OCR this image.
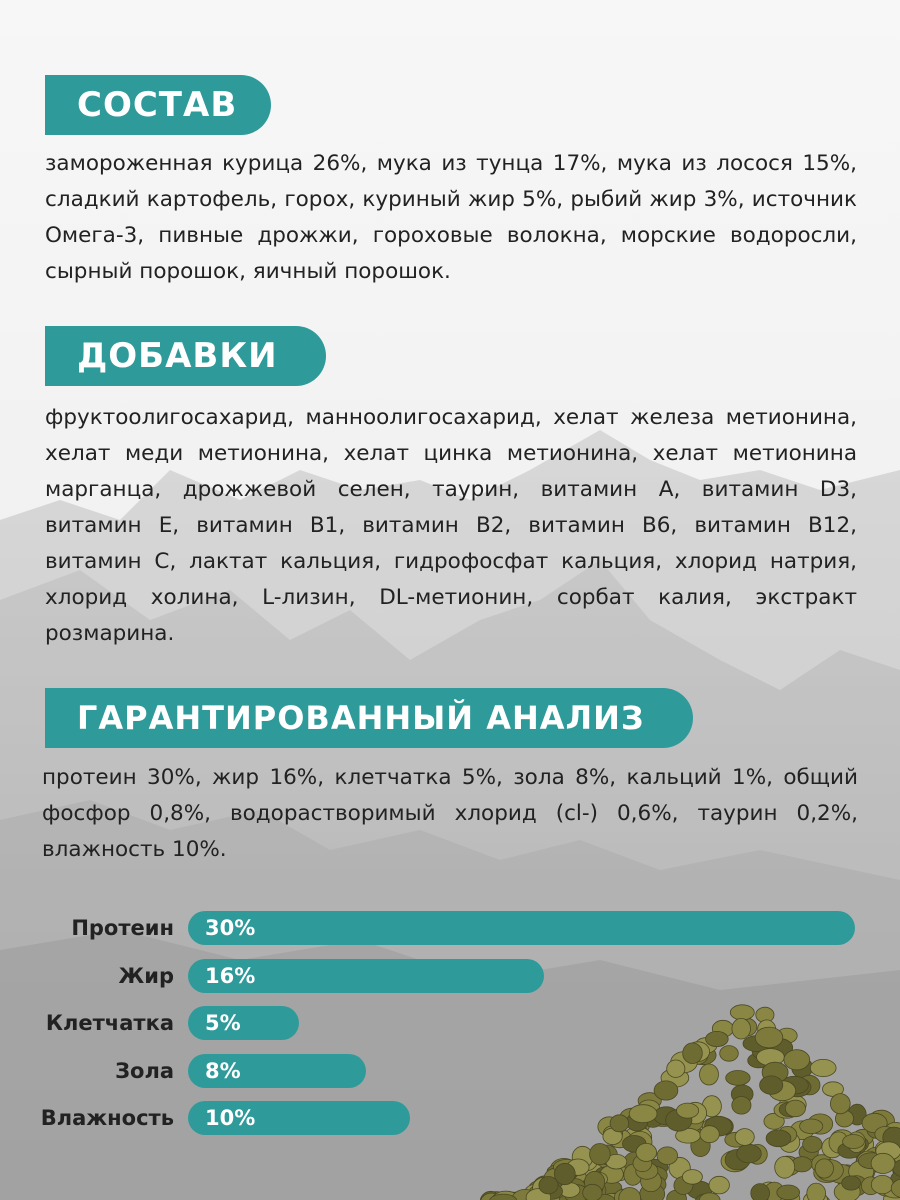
СОСТАВ

замороженная курица 26%, мука из тунца 17%, мука из лосося 15%, сладкий картофель, горох, куриный жир 5%, рыбий жир 3%, источник Омега-3, пивные дрожжи, гороховые волокна, морские водоросли, сырный порошок, яичный порошок.

ДОБАВКИ

фруктоолигосахарид, манноолигосахарид, хелат железа метионина, хелат меди метионина, хелат цинка метионина, хелат метионина марганца, дрожжевой селен, таурин, витамин А, витамин D3, витамин E, витамин B1, витамин B2, витамин B6, витамин B12, витамин С, лактат кальция, гидрофосфат кальция, хлорид натрия, хлорид холина, L-лизин, DL-метионин, сорбат калия, экстракт розмарина.

ГАРАНТИРОВАННЫЙ АНАЛИЗ

протеин 30%, жир 16%, клетчатка 5%, зола 8%, кальций 1%, общий фосфор 0,8%, водорастворимый хлорид (cl-) 0,6%, таурин 0,2%, влажность 10%.

Протеин 30%
Жир 16%
Клетчатка 5%
Зола 8%
Влажность 10%
